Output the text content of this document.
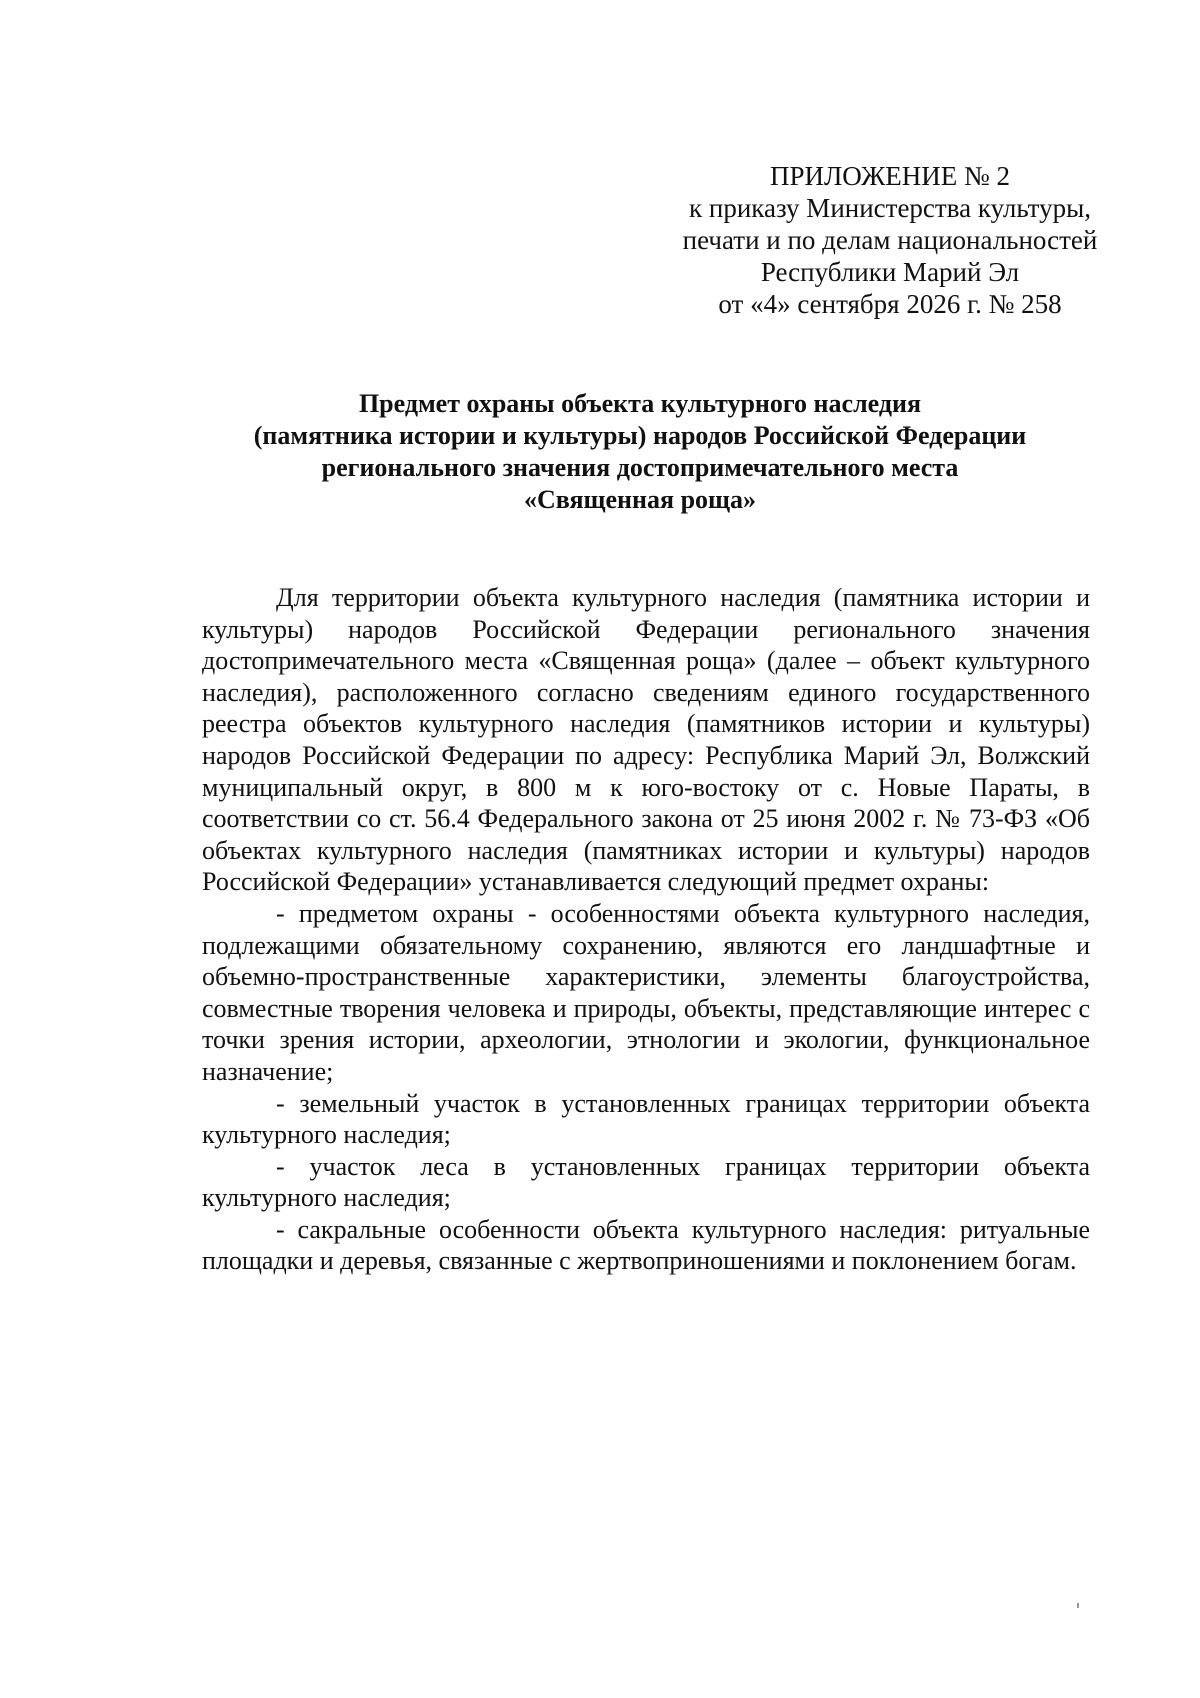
ПРИЛОЖЕНИЕ № 2
к приказу Министерства культуры,
печати и по делам национальностей
Республики Марий Эл
от «4» сентября 2026 г. № 258
Предмет охраны объекта культурного наследия
(памятника истории и культуры) народов Российской Федерации
регионального значения достопримечательного места
«Священная роща»

Для территории объекта культурного наследия (памятника истории и культуры) народов Российской Федерации регионального значения достопримечательного места «Священная роща» (далее – объект культурного наследия), расположенного согласно сведениям единого государственного реестра объектов культурного наследия (памятников истории и культуры) народов Российской Федерации по адресу: Республика Марий Эл, Волжский муниципальный округ, в 800 м к юго-востоку от с. Новые Параты, в соответствии со ст. 56.4 Федерального закона от 25 июня 2002 г. № 73-ФЗ «Об объектах культурного наследия (памятниках истории и культуры) народов Российской Федерации» устанавливается следующий предмет охраны:

- предметом охраны - особенностями объекта культурного наследия, подлежащими обязательному сохранению, являются его ландшафтные и объемно-пространственные характеристики, элементы благоустройства, совместные творения человека и природы, объекты, представляющие интерес с точки зрения истории, археологии, этнологии и экологии, функциональное назначение;

- земельный участок в установленных границах территории объекта культурного наследия;

- участок леса в установленных границах территории объекта культурного наследия;

- сакральные особенности объекта культурного наследия: ритуальные площадки и деревья, связанные с жертвоприношениями и поклонением богам.
